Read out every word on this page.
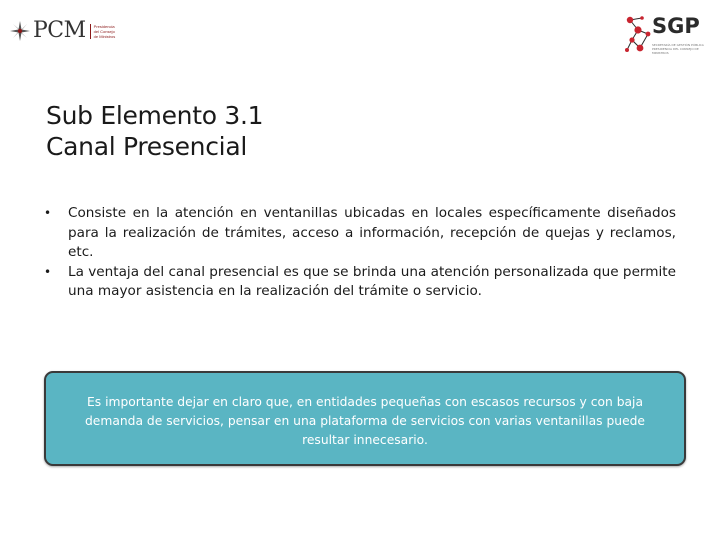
PCM Presidencia
del Consejo
de Ministros	SGP
SECRETARÍA DE GESTIÓN PÚBLICA
PRESIDENCIA DEL CONSEJO DE MINISTROS
Sub Elemento 3.1
Canal Presencial
•	Consiste en la atención en ventanillas ubicadas en locales específicamente diseñados para la realización de trámites, acceso a información, recepción de quejas y reclamos, etc.
•	La ventaja del canal presencial es que se brinda una atención personalizada que permite una mayor asistencia en la realización del trámite o servicio.
Es importante dejar en claro que, en entidades pequeñas con escasos recursos y con baja demanda de servicios, pensar en una plataforma de servicios con varias ventanillas puede resultar innecesario.
